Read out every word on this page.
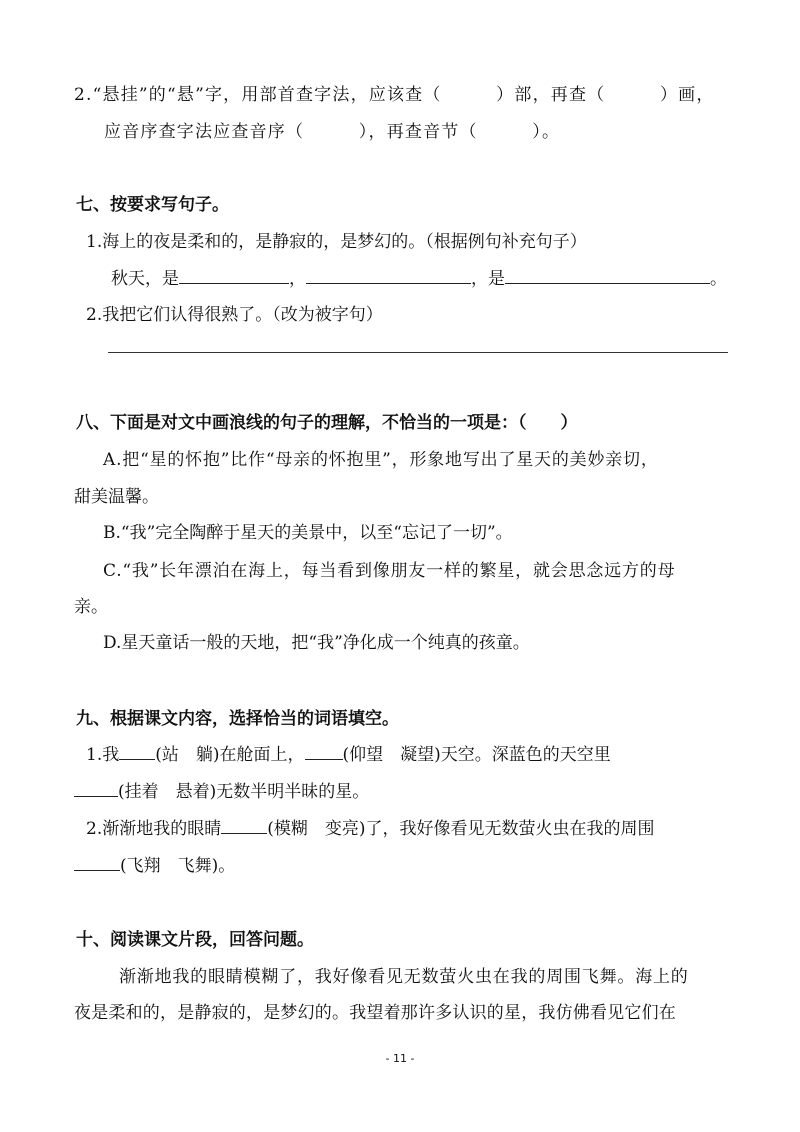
2.“悬挂”的“悬”字，用部首查字法，应该查（　　　）部，再查（　　　）画，
应音序查字法应查音序（　　　），再查音节（　　　）。
七、按要求写句子。
1.海上的夜是柔和的，是静寂的，是梦幻的。（根据例句补充句子）
秋天，是	，	，是	。
2.我把它们认得很熟了。（改为被字句）
八、下面是对文中画浪线的句子的理解，不恰当的一项是：（　　）
A.把“星的怀抱”比作“母亲的怀抱里”，形象地写出了星天的美妙亲切，
甜美温馨。
B.“我”完全陶醉于星天的美景中，以至“忘记了一切”。
C.“我”长年漂泊在海上，每当看到像朋友一样的繁星，就会思念远方的母
亲。
D.星天童话一般的天地，把“我”净化成一个纯真的孩童。
九、根据课文内容，选择恰当的词语填空。
1.我 (站　躺)在舱面上， (仰望　凝望)天空。深蓝色的天空里
(挂着　悬着)无数半明半昧的星。
2.渐渐地我的眼睛	(模糊　变亮)了，我好像看见无数萤火虫在我的周围
(飞翔　飞舞)。
十、阅读课文片段，回答问题。
渐渐地我的眼睛模糊了，我好像看见无数萤火虫在我的周围飞舞。海上的
夜是柔和的，是静寂的，是梦幻的。我望着那许多认识的星，我仿佛看见它们在
- 11 -
